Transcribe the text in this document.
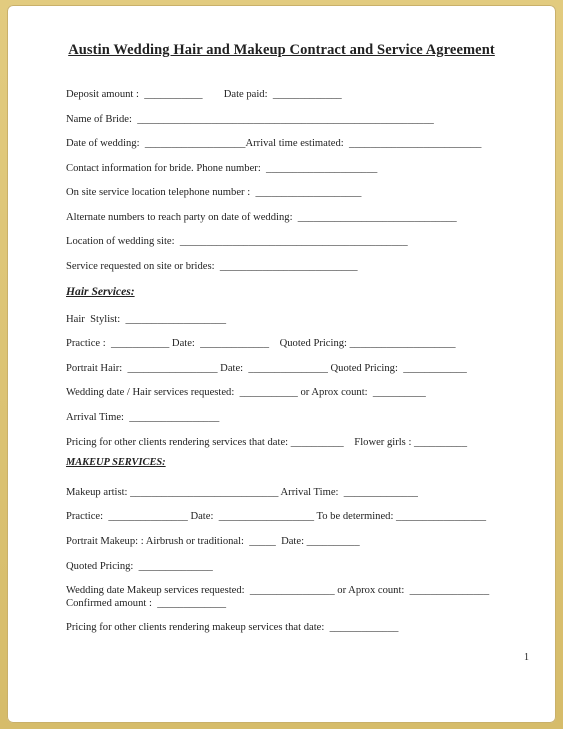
Austin Wedding Hair and Makeup Contract and Service Agreement
Deposit amount :  ___________        Date paid:  _____________
Name of Bride:  ________________________________________________________
Date of wedding:  ___________________Arrival time estimated:  _________________________
Contact information for bride. Phone number:  _____________________
On site service location telephone number :  ____________________
Alternate numbers to reach party on date of wedding:  ______________________________
Location of wedding site:  ___________________________________________
Service requested on site or brides:  __________________________
Hair Services:
Hair  Stylist:  ___________________
Practice :  ___________ Date:  _____________    Quoted Pricing: ____________________
Portrait Hair:  _________________ Date:  _______________ Quoted Pricing:  ____________
Wedding date / Hair services requested:  ___________ or Aprox count:  __________
Arrival Time:  _________________
Pricing for other clients rendering services that date: __________    Flower girls : __________
MAKEUP SERVICES:
Makeup artist: ____________________________ Arrival Time:  ______________
Practice:  _______________ Date:  __________________ To be determined: _________________
Portrait Makeup: : Airbrush or traditional:  _____  Date: __________
Quoted Pricing:  ______________
Wedding date Makeup services requested:  ________________ or Aprox count:  _______________
Confirmed amount :  _____________
Pricing for other clients rendering makeup services that date:  _____________
1
